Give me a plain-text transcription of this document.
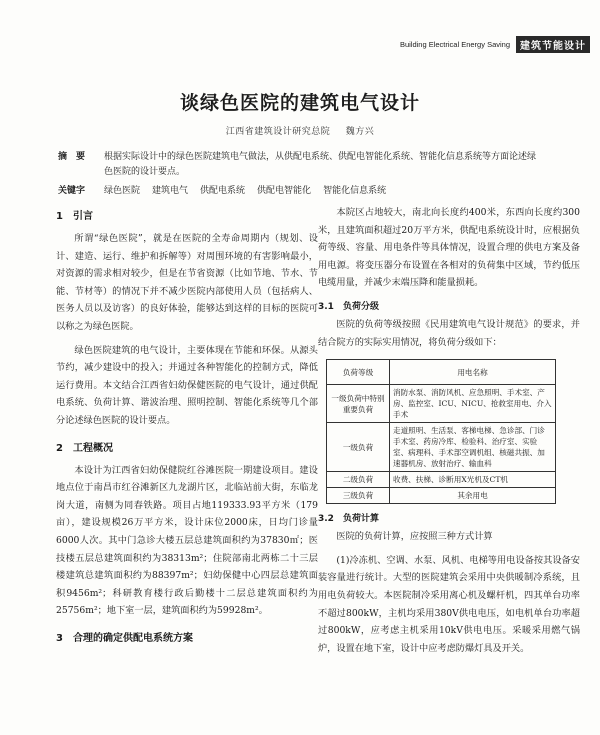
Building Electrical Energy Saving	建筑节能设计
谈绿色医院的建筑电气设计
江西省建筑设计研究总院 魏方兴
摘　要 根据实际设计中的绿色医院建筑电气做法，从供配电系统、供配电智能化系统、智能化信息系统等方面论述绿色医院的设计要点。
关键字 绿色医院 建筑电气 供配电系统 供配电智能化 智能化信息系统
1　引言

所谓“绿色医院”，就是在医院的全寿命周期内（规划、设计、建造、运行、维护和拆解等）对周围环境的有害影响最小，对资源的需求相对较少，但是在节省资源（比如节地、节水、节能、节材等）的情况下并不减少医院内部使用人员（包括病人、医务人员以及访客）的良好体验，能够达到这样的目标的医院可以称之为绿色医院。

绿色医院建筑的电气设计，主要体现在节能和环保。从源头节约，减少建设中的投入；并通过各种智能化的控制方式，降低运行费用。本文结合江西省妇幼保健医院的电气设计，通过供配电系统、负荷计算、谐波治理、照明控制、智能化系统等几个部分论述绿色医院的设计要点。

2　工程概况

本设计为江西省妇幼保健院红谷滩医院一期建设项目。建设地点位于南昌市红谷滩新区九龙湖片区，北临站前大街，东临龙岗大道，南侧为同春铁路。项目占地119333.93平方米（179亩），建设规模26万平方米，设计床位2000床，日均门诊量6000人次。其中门急诊大楼五层总建筑面积约为37830㎡；医技楼五层总建筑面积约为38313m²；住院部南北两栋二十三层楼建筑总建筑面积约为88397m²；妇幼保健中心四层总建筑面积9456m²；科研教育楼行政后勤楼十二层总建筑面积约为25756m²；地下室一层，建筑面积约为59928m²。

3　合理的确定供配电系统方案

本院区占地较大，南北向长度约400米，东西向长度约300米，且建筑面积超过20万平方米，供配电系统设计时，应根据负荷等级、容量、用电条件等具体情况，设置合理的供电方案及备用电源。将变压器分布设置在各相对的负荷集中区域，节约低压电缆用量，并减少末端压降和能量损耗。

3.1　负荷分级

医院的负荷等级按照《民用建筑电气设计规范》的要求，并结合院方的实际实用情况，将负荷分级如下：

负荷等级	用电名称
一级负荷中特别重要负荷	消防水泵、消防风机、应急照明、手术室、产房、监控室、ICU、NICU、抢救室用电、介入手术
一级负荷	走道照明、生活泵、客梯电梯、急诊部、门诊手术室、药房冷库、检验科、治疗室、实验室、病理科、手术部空调机组、核磁共振、加速器机房、放射治疗、输血科
二级负荷	收费、扶梯、诊断用X光机及CT机
三级负荷	其余用电
3.2　负荷计算

医院的负荷计算，应按照三种方式计算

(1)冷冻机、空调、水泵、风机、电梯等用电设备按其设备安装容量进行统计。大型的医院建筑会采用中央供暖制冷系统，且用电负荷较大。本医院制冷采用离心机及螺杆机，四其单台功率不超过800kW，主机均采用380V供电电压，如电机单台功率超过800kW，应考虑主机采用10kV供电电压。采暖采用燃气锅炉，设置在地下室，设计中应考虑防爆灯具及开关。
